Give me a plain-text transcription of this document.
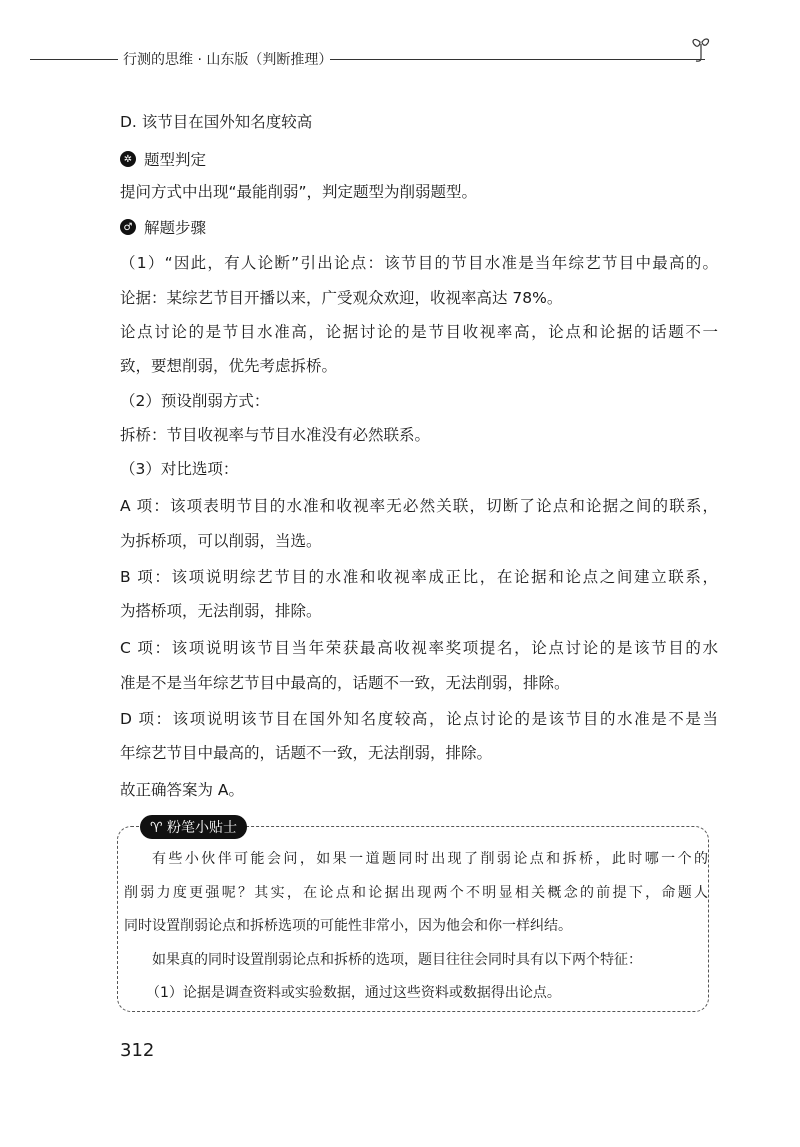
行测的思维 · 山东版（判断推理）
D. 该节目在国外知名度较高
✲ 题型判定
提问方式中出现“最能削弱”，判定题型为削弱题型。
♂ 解题步骤
（1）“因此，有人论断”引出论点：该节目的节目水准是当年综艺节目中最高的。
论据：某综艺节目开播以来，广受观众欢迎，收视率高达 78%。
论点讨论的是节目水准高，论据讨论的是节目收视率高，论点和论据的话题不一
致，要想削弱，优先考虑拆桥。
（2）预设削弱方式：
拆桥：节目收视率与节目水准没有必然联系。
（3）对比选项：
A 项：该项表明节目的水准和收视率无必然关联，切断了论点和论据之间的联系，
为拆桥项，可以削弱，当选。
B 项：该项说明综艺节目的水准和收视率成正比，在论据和论点之间建立联系，
为搭桥项，无法削弱，排除。
C 项：该项说明该节目当年荣获最高收视率奖项提名，论点讨论的是该节目的水
准是不是当年综艺节目中最高的，话题不一致，无法削弱，排除。
D 项：该项说明该节目在国外知名度较高，论点讨论的是该节目的水准是不是当
年综艺节目中最高的，话题不一致，无法削弱，排除。
故正确答案为 A。
♈ 粉笔小贴士
有些小伙伴可能会问，如果一道题同时出现了削弱论点和拆桥，此时哪一个的
削弱力度更强呢？其实，在论点和论据出现两个不明显相关概念的前提下，命题人
同时设置削弱论点和拆桥选项的可能性非常小，因为他会和你一样纠结。
如果真的同时设置削弱论点和拆桥的选项，题目往往会同时具有以下两个特征：
（1）论据是调查资料或实验数据，通过这些资料或数据得出论点。
312
